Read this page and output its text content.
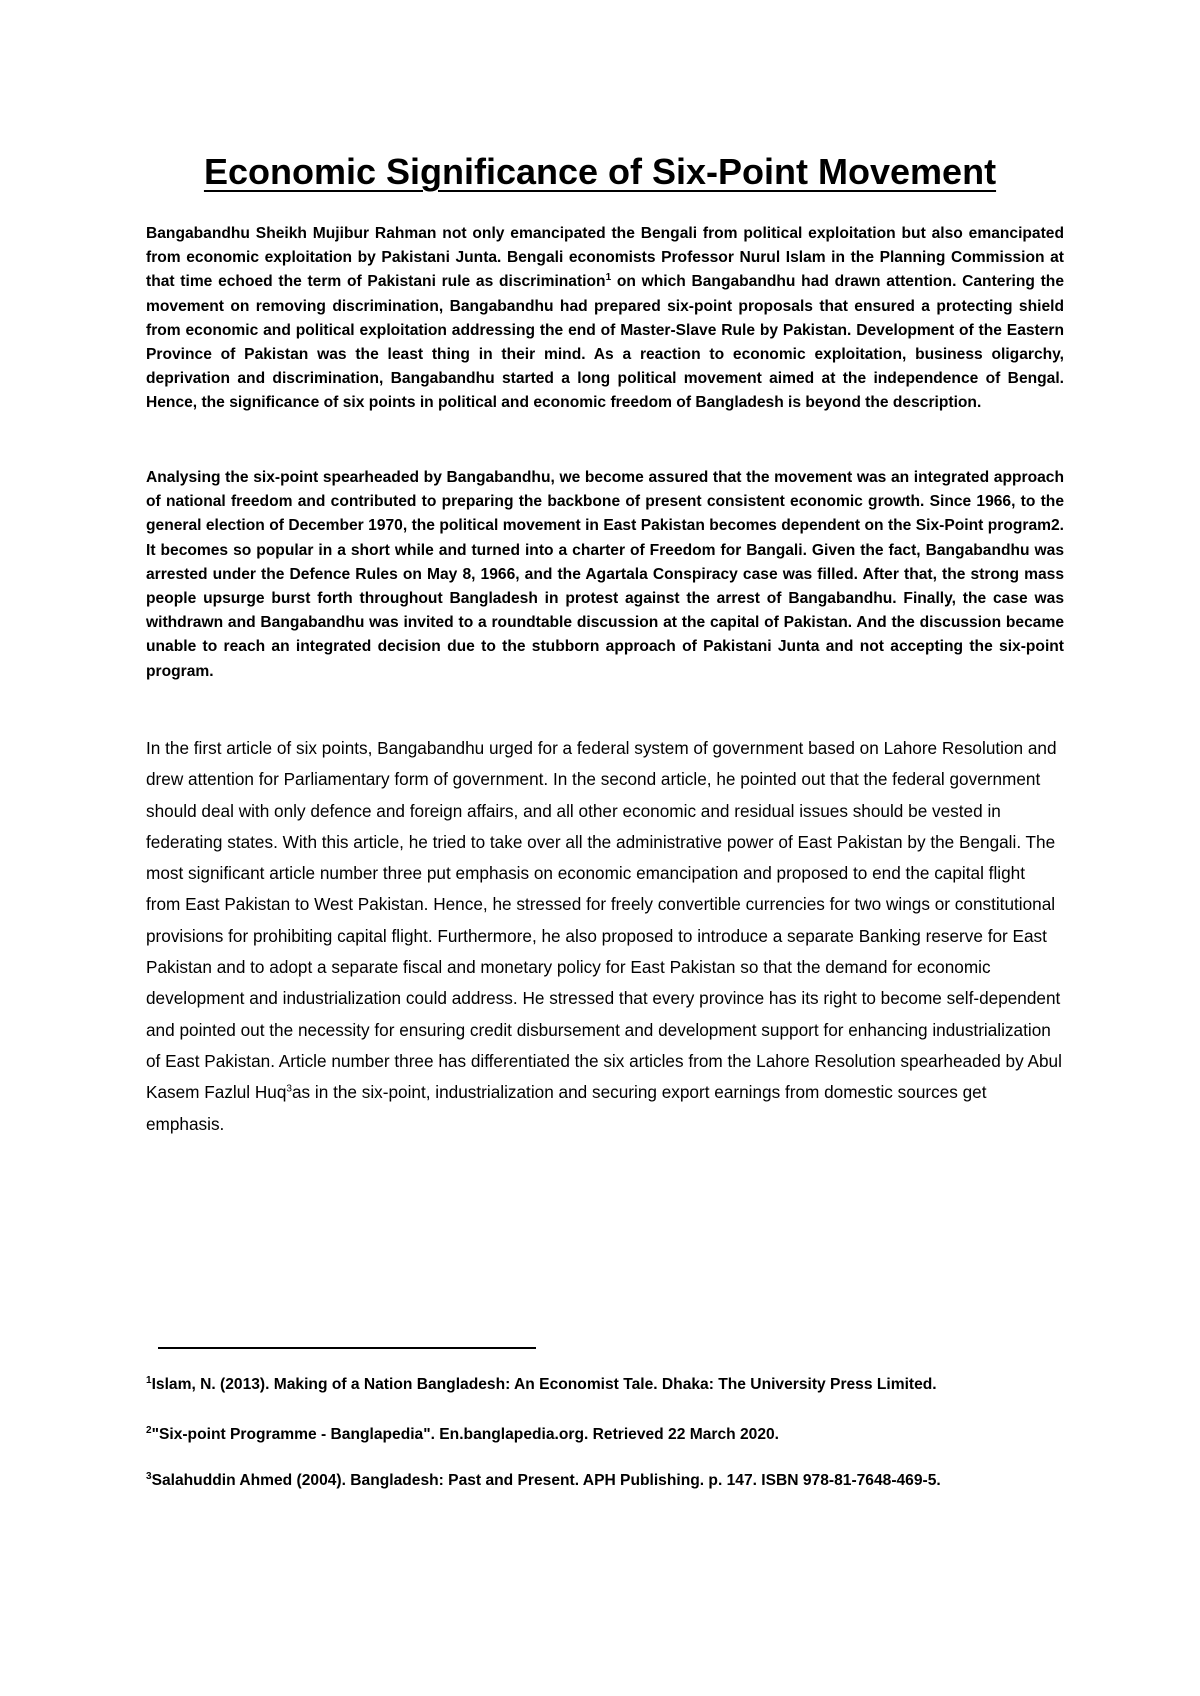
Economic Significance of Six-Point Movement

Bangabandhu Sheikh Mujibur Rahman not only emancipated the Bengali from political exploitation but also emancipated from economic exploitation by Pakistani Junta. Bengali economists Professor Nurul Islam in the Planning Commission at that time echoed the term of Pakistani rule as discrimination$^1$ on which Bangabandhu had drawn attention. Cantering the movement on removing discrimination, Bangabandhu had prepared six-point proposals that ensured a protecting shield from economic and political exploitation addressing the end of Master-Slave Rule by Pakistan. Development of the Eastern Province of Pakistan was the least thing in their mind. As a reaction to economic exploitation, business oligarchy, deprivation and discrimination, Bangabandhu started a long political movement aimed at the independence of Bengal. Hence, the significance of six points in political and economic freedom of Bangladesh is beyond the description.

Analysing the six-point spearheaded by Bangabandhu, we become assured that the movement was an integrated approach of national freedom and contributed to preparing the backbone of present consistent economic growth. Since 1966, to the general election of December 1970, the political movement in East Pakistan becomes dependent on the Six-Point program2. It becomes so popular in a short while and turned into a charter of Freedom for Bangali. Given the fact, Bangabandhu was arrested under the Defence Rules on May 8, 1966, and the Agartala Conspiracy case was filled. After that, the strong mass people upsurge burst forth throughout Bangladesh in protest against the arrest of Bangabandhu. Finally, the case was withdrawn and Bangabandhu was invited to a roundtable discussion at the capital of Pakistan. And the discussion became unable to reach an integrated decision due to the stubborn approach of Pakistani Junta and not accepting the six-point program.

In the first article of six points, Bangabandhu urged for a federal system of government based on Lahore Resolution and drew attention for Parliamentary form of government. In the second article, he pointed out that the federal government should deal with only defence and foreign affairs, and all other economic and residual issues should be vested in federating states. With this article, he tried to take over all the administrative power of East Pakistan by the Bengali. The most significant article number three put emphasis on economic emancipation and proposed to end the capital flight from East Pakistan to West Pakistan. Hence, he stressed for freely convertible currencies for two wings or constitutional provisions for prohibiting capital flight. Furthermore, he also proposed to introduce a separate Banking reserve for East Pakistan and to adopt a separate fiscal and monetary policy for East Pakistan so that the demand for economic development and industrialization could address. He stressed that every province has its right to become self-dependent and pointed out the necessity for ensuring credit disbursement and development support for enhancing industrialization of East Pakistan. Article number three has differentiated the six articles from the Lahore Resolution spearheaded by Abul Kasem Fazlul Huq$^3$as in the six-point, industrialization and securing export earnings from domestic sources get emphasis.

$^1$Islam, N. (2013). Making of a Nation Bangladesh: An Economist Tale. Dhaka: The University Press Limited.

$^2$"Six-point Programme - Banglapedia". En.banglapedia.org. Retrieved 22 March 2020.

$^3$Salahuddin Ahmed (2004). Bangladesh: Past and Present. APH Publishing. p. 147. ISBN 978-81-7648-469-5.
